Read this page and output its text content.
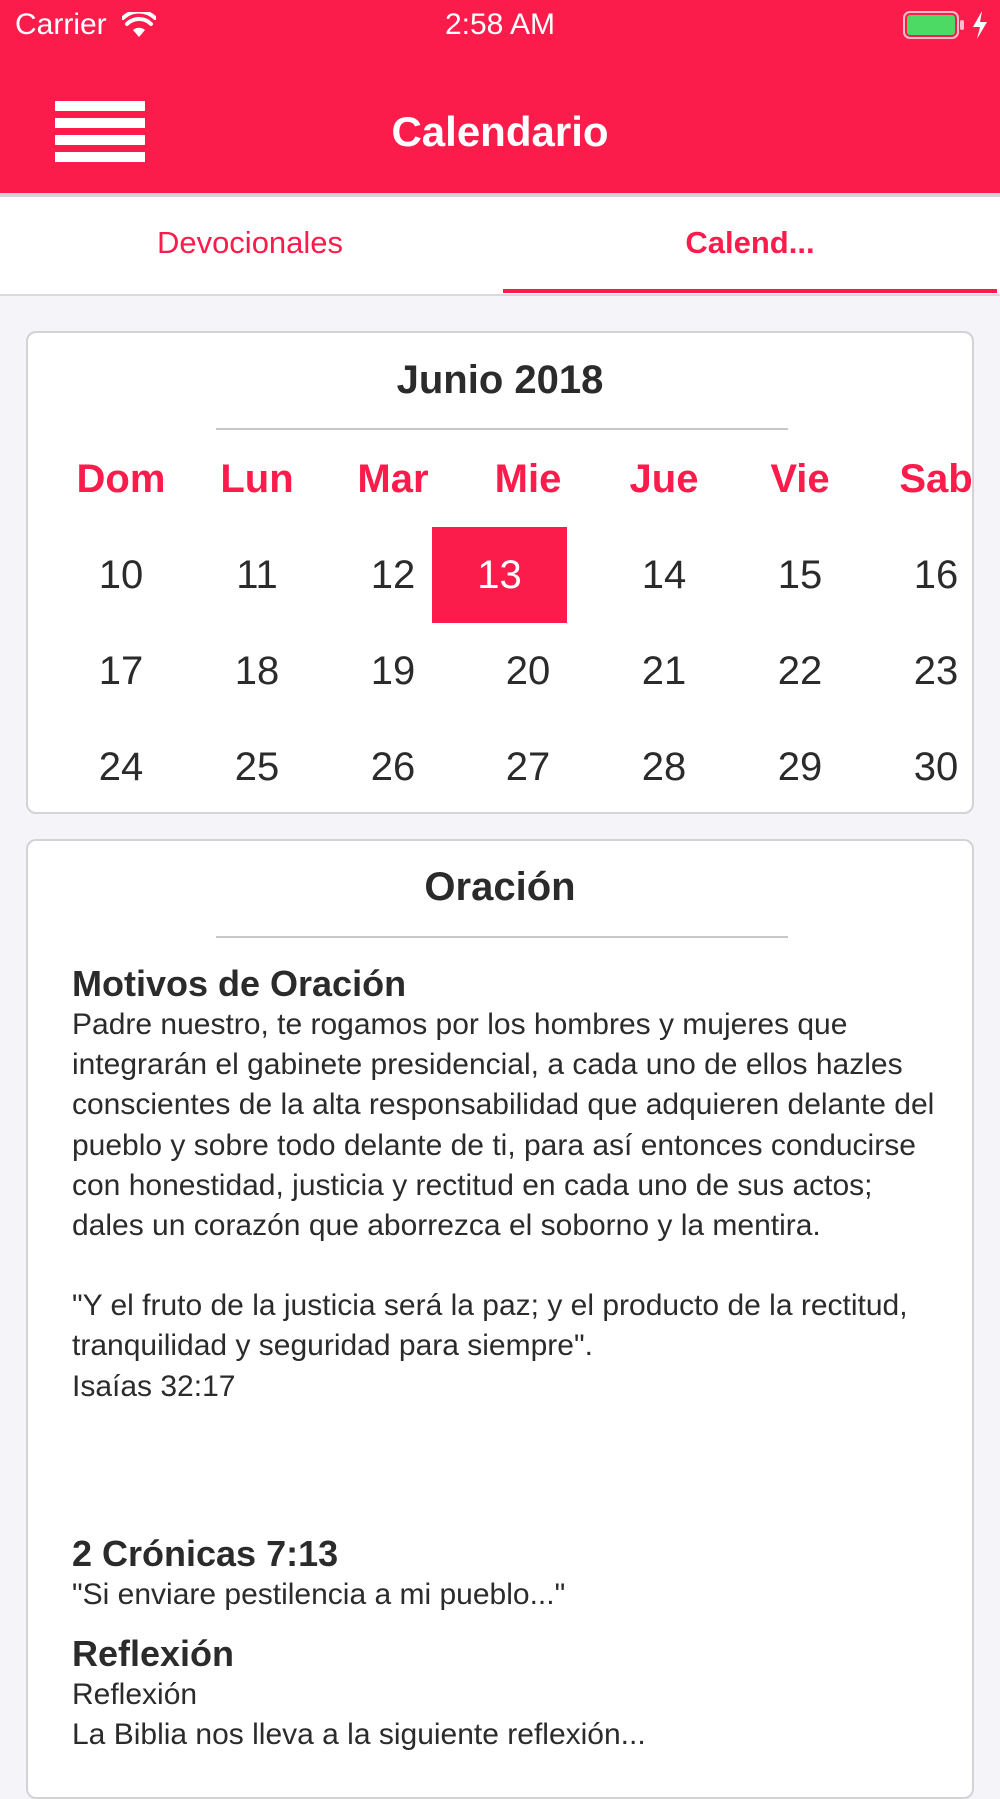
Carrier	2:58 AM
Calendario
Devocionales	Calend...
Junio 2018
Dom	Lun	Mar	Mie	Jue	Vie	Sab
10	11	12	13	14	15	16
17	18	19	20	21	22	23
24	25	26	27	28	29	30
Oración
Motivos de Oración

Padre nuestro, te rogamos por los hombres y mujeres que integrarán el gabinete presidencial, a cada uno de ellos hazles conscientes de la alta responsabilidad que adquieren delante del pueblo y sobre todo delante de ti, para así entonces conducirse con honestidad, justicia y rectitud en cada uno de sus actos; dales un corazón que aborrezca el soborno y la mentira.

"Y el fruto de la justicia será la paz; y el producto de la rectitud, tranquilidad y seguridad para siempre".

Isaías 32:17

2 Crónicas 7:13

"Si enviare pestilencia a mi pueblo..."

Reflexión

Reflexión

La Biblia nos lleva a la siguiente reflexión...
